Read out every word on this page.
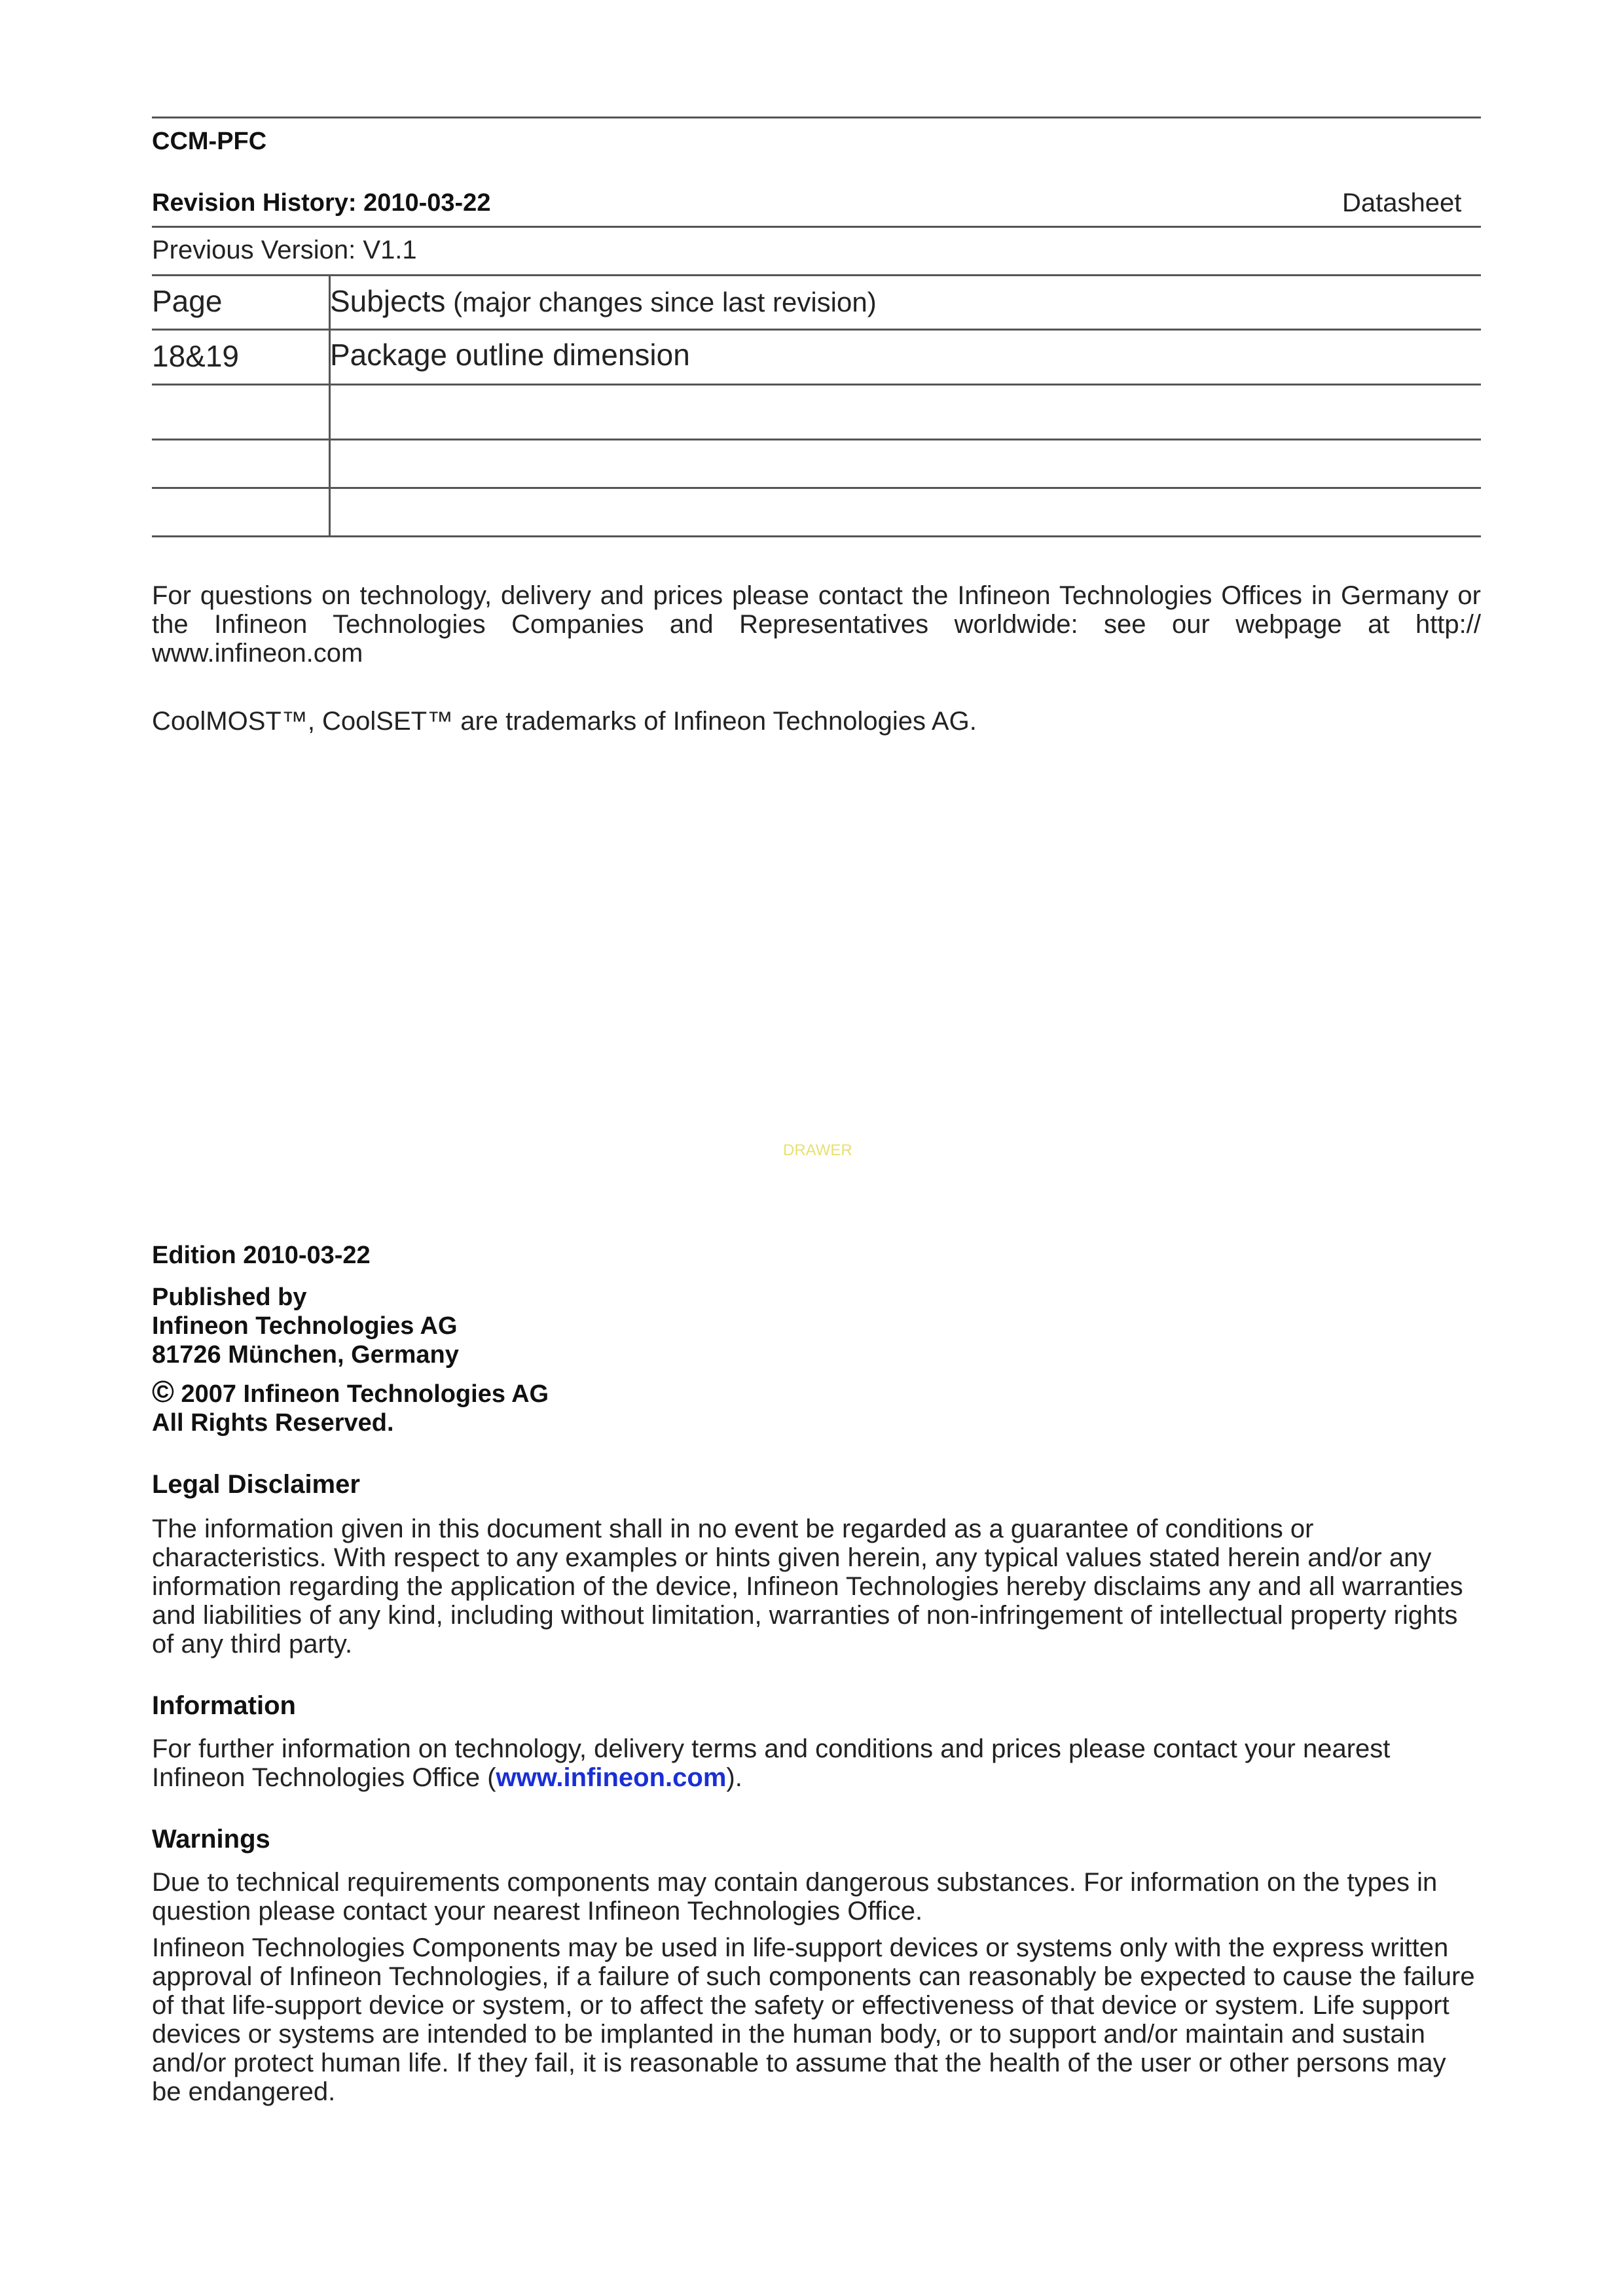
CCM-PFC
Revision History: 2010-03-22	Datasheet
Previous Version: V1.1
Page	Subjects (major changes since last revision)
18&19	Package outline dimension
For questions on technology, delivery and prices please contact the Infineon Technologies Offices in Germany or the Infineon Technologies Companies and Representatives worldwide: see our webpage at http:// www.infineon.com
CoolMOST™, CoolSET™ are trademarks of Infineon Technologies AG.
DRAWER
Edition 2010-03-22
Published by
Infineon Technologies AG
81726 München, Germany
© 2007 Infineon Technologies AG
All Rights Reserved.
Legal Disclaimer
The information given in this document shall in no event be regarded as a guarantee of conditions or characteristics. With respect to any examples or hints given herein, any typical values stated herein and/or any information regarding the application of the device, Infineon Technologies hereby disclaims any and all warranties and liabilities of any kind, including without limitation, warranties of non-infringement of intellectual property rights of any third party.
Information
For further information on technology, delivery terms and conditions and prices please contact your nearest Infineon Technologies Office (www.infineon.com).
Warnings
Due to technical requirements components may contain dangerous substances. For information on the types in question please contact your nearest Infineon Technologies Office.
Infineon Technologies Components may be used in life-support devices or systems only with the express written approval of Infineon Technologies, if a failure of such components can reasonably be expected to cause the failure of that life-support device or system, or to affect the safety or effectiveness of that device or system. Life support devices or systems are intended to be implanted in the human body, or to support and/or maintain and sustain and/or protect human life. If they fail, it is reasonable to assume that the health of the user or other persons may be endangered.
